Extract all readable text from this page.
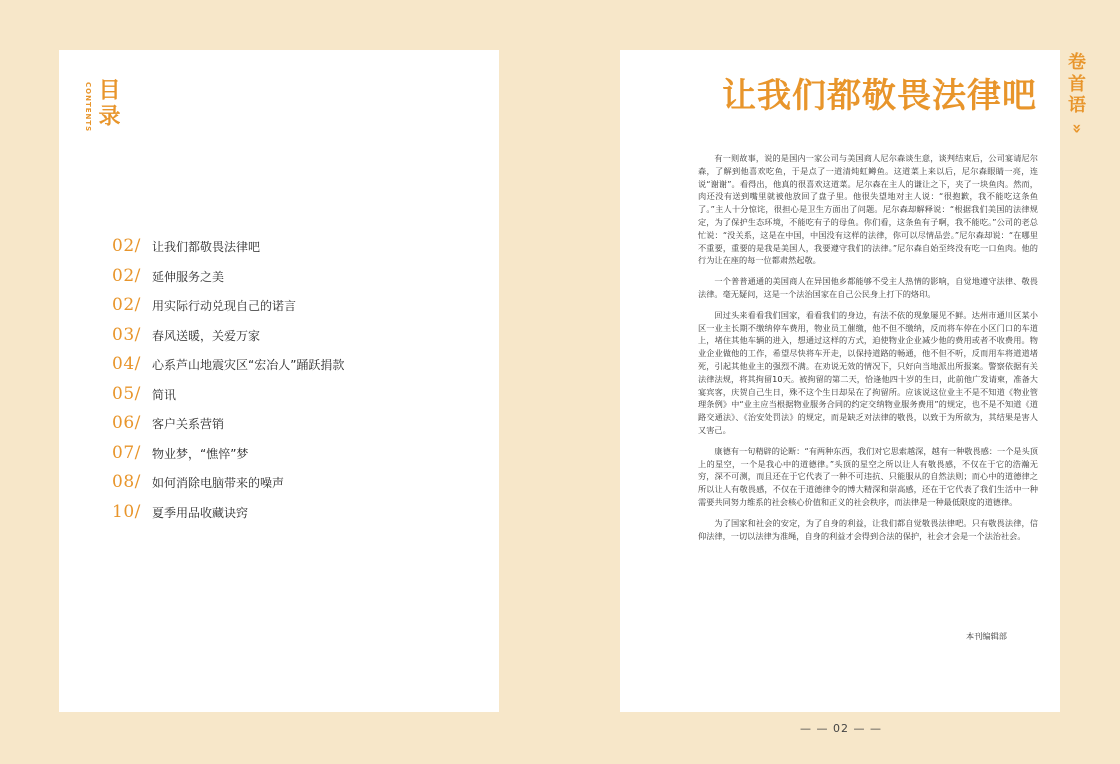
CONTENTS 目录
02/ 让我们都敬畏法律吧
02/ 延伸服务之美
02/ 用实际行动兑现自己的诺言
03/ 春风送暖，关爱万家
04/ 心系芦山地震灾区“宏冶人”踊跃捐款
05/ 简讯
06/ 客户关系营销
07/ 物业梦，“憔悴”梦
08/ 如何消除电脑带来的噪声
10/ 夏季用品收藏诀窍
让我们都敬畏法律吧
卷
首
语
»

有一则故事，说的是国内一家公司与美国商人尼尔森谈生意，谈判结束后，公司宴请尼尔森，了解到他喜欢吃鱼，于是点了一道清炖虹鳟鱼。这道菜上来以后，尼尔森眼睛一亮，连说“谢谢”。看得出，他真的很喜欢这道菜。尼尔森在主人的谦让之下，夹了一块鱼肉。然而，肉还没有送到嘴里就被他放回了盘子里。他很失望地对主人说：“很抱歉，我不能吃这条鱼了。”主人十分惊诧，很担心是卫生方面出了问题。尼尔森却解释说：“根据我们美国的法律规定，为了保护生态环境，不能吃有子的母鱼。你们看，这条鱼有子啊，我不能吃。”公司的老总忙说：“没关系，这是在中国，中国没有这样的法律，你可以尽情品尝。”尼尔森却说：“在哪里不重要，重要的是我是美国人，我要遵守我们的法律。”尼尔森自始至终没有吃一口鱼肉。他的行为让在座的每一位都肃然起敬。

一个普普通通的美国商人在异国他乡都能够不受主人热情的影响，自觉地遵守法律、敬畏法律。毫无疑问，这是一个法治国家在自己公民身上打下的烙印。

回过头来看看我们国家，看看我们的身边，有法不依的现象屡见不鲜。达州市通川区某小区一业主长期不缴纳停车费用，物业员工催缴，他不但不缴纳，反而将车停在小区门口的车道上，堵住其他车辆的进入，想通过这样的方式，迫使物业企业减少他的费用或者不收费用。物业企业做他的工作，希望尽快将车开走，以保持道路的畅通，他不但不听，反而用车将道道堵死，引起其他业主的强烈不满。在劝说无效的情况下，只好向当地派出所报案。警察依据有关法律法规，将其拘留10天。被拘留的第二天，恰逢他四十岁的生日，此前他广发请柬，准备大宴宾客，庆贺自己生日，殊不这个生日却呆在了拘留所。应该说这位业主不是不知道《物业管理条例》中“业主应当根据物业服务合同的约定交纳物业服务费用”的规定，也不是不知道《道路交通法》、《治安处罚法》的规定，而是缺乏对法律的敬畏，以致于为所欲为，其结果是害人又害己。

康德有一句精辟的论断：“有两种东西，我们对它思索越深，越有一种敬畏感：一个是头顶上的星空，一个是我心中的道德律。”头顶的星空之所以让人有敬畏感，不仅在于它的浩瀚无穷，深不可测，而且还在于它代表了一种不可违抗、只能服从的自然法则；而心中的道德律之所以让人有敬畏感，不仅在于道德律令的博大精深和崇高感，还在于它代表了我们生活中一种需要共同努力维系的社会核心价值和正义的社会秩序，而法律是一种最低限度的道德律。

为了国家和社会的安定，为了自身的利益，让我们都自觉敬畏法律吧。只有敬畏法律，信仰法律，一切以法律为准绳，自身的利益才会得到合法的保护，社会才会是一个法治社会。

本刊编辑部
— — 02 — —
